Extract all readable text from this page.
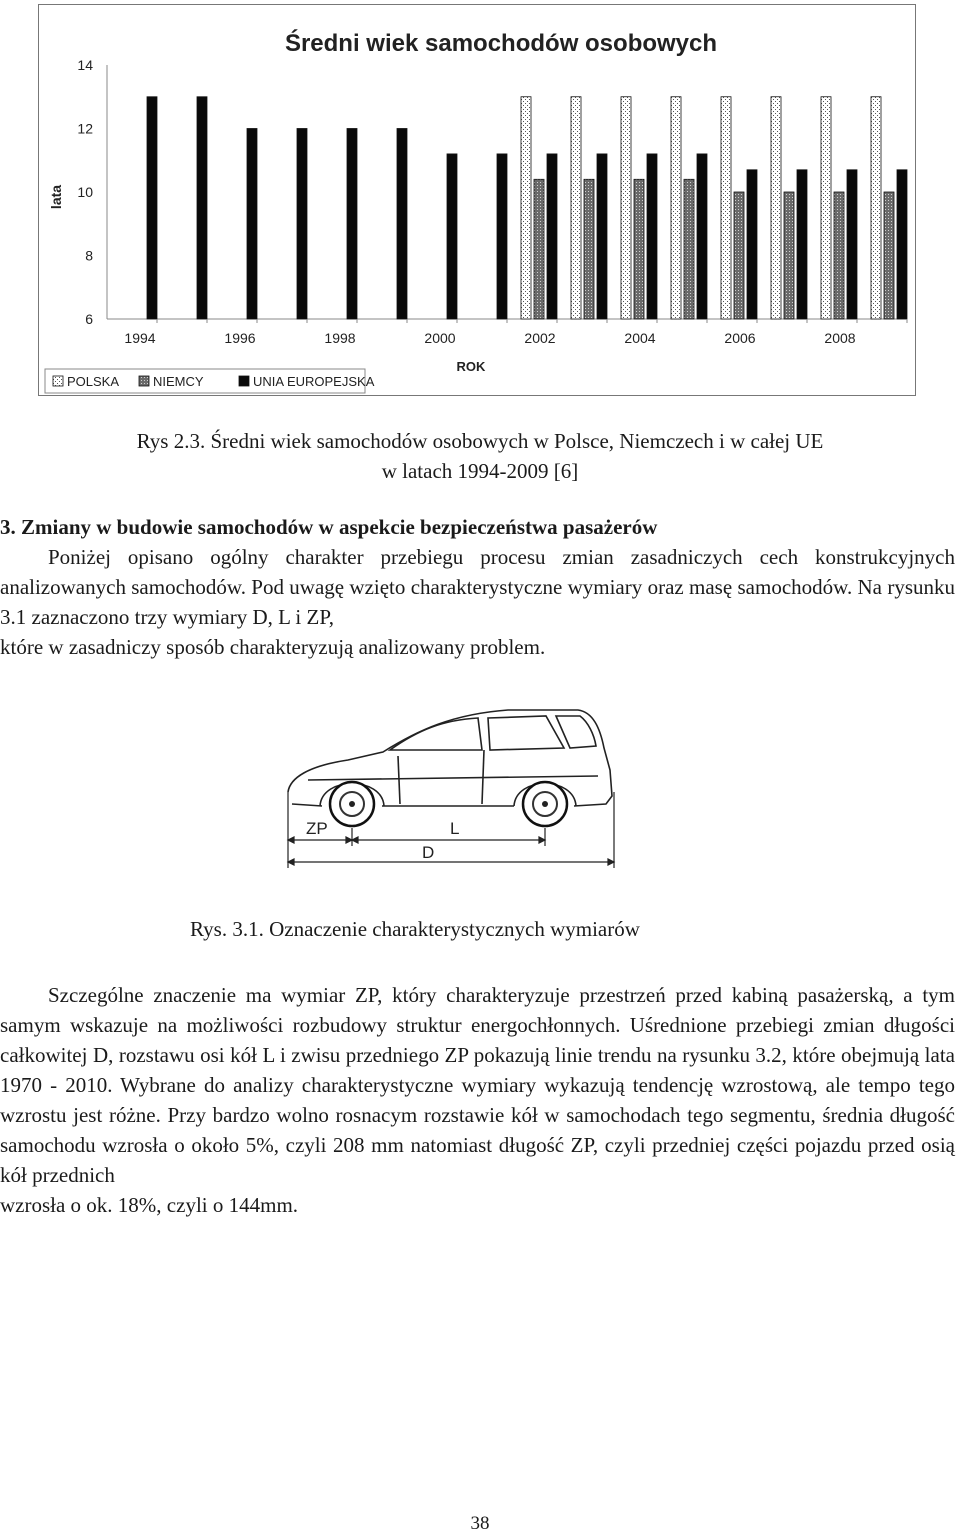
Średni wiek samochodów osobowych
lata
6
8
10
12
14
1994	1996	1998	2000	2002	2004	2006	2008
ROK
POLSKA	NIEMCY	UNIA EUROPEJSKA
Rys 2.3. Średni wiek samochodów osobowych w Polsce, Niemczech i w całej UE
w latach 1994-2009 [6]
3. Zmiany w budowie samochodów w aspekcie bezpieczeństwa pasażerów

Poniżej opisano ogólny charakter przebiegu procesu zmian zasadniczych cech konstrukcyjnych analizowanych samochodów. Pod uwagę wzięto charakterystyczne wymiary oraz masę samochodów. Na rysunku 3.1 zaznaczono trzy wymiary D, L i ZP,
które w zasadniczy sposób charakteryzują analizowany problem.

ZP	L
D
Rys. 3.1. Oznaczenie charakterystycznych wymiarów

Szczególne znaczenie ma wymiar ZP, który charakteryzuje przestrzeń przed kabiną pasażerską, a tym samym wskazuje na możliwości rozbudowy struktur energochłonnych. Uśrednione przebiegi zmian długości całkowitej D, rozstawu osi kół L i zwisu przedniego ZP pokazują linie trendu na rysunku 3.2, które obejmują lata 1970 - 2010. Wybrane do analizy charakterystyczne wymiary wykazują tendencję wzrostową, ale tempo tego wzrostu jest różne. Przy bardzo wolno rosnacym rozstawie kół w samochodach tego segmentu, średnia długość samochodu wzrosła o około 5%, czyli 208 mm natomiast długość ZP, czyli przedniej części pojazdu przed osią kół przednich
wzrosła o ok. 18%, czyli o 144mm.

38
